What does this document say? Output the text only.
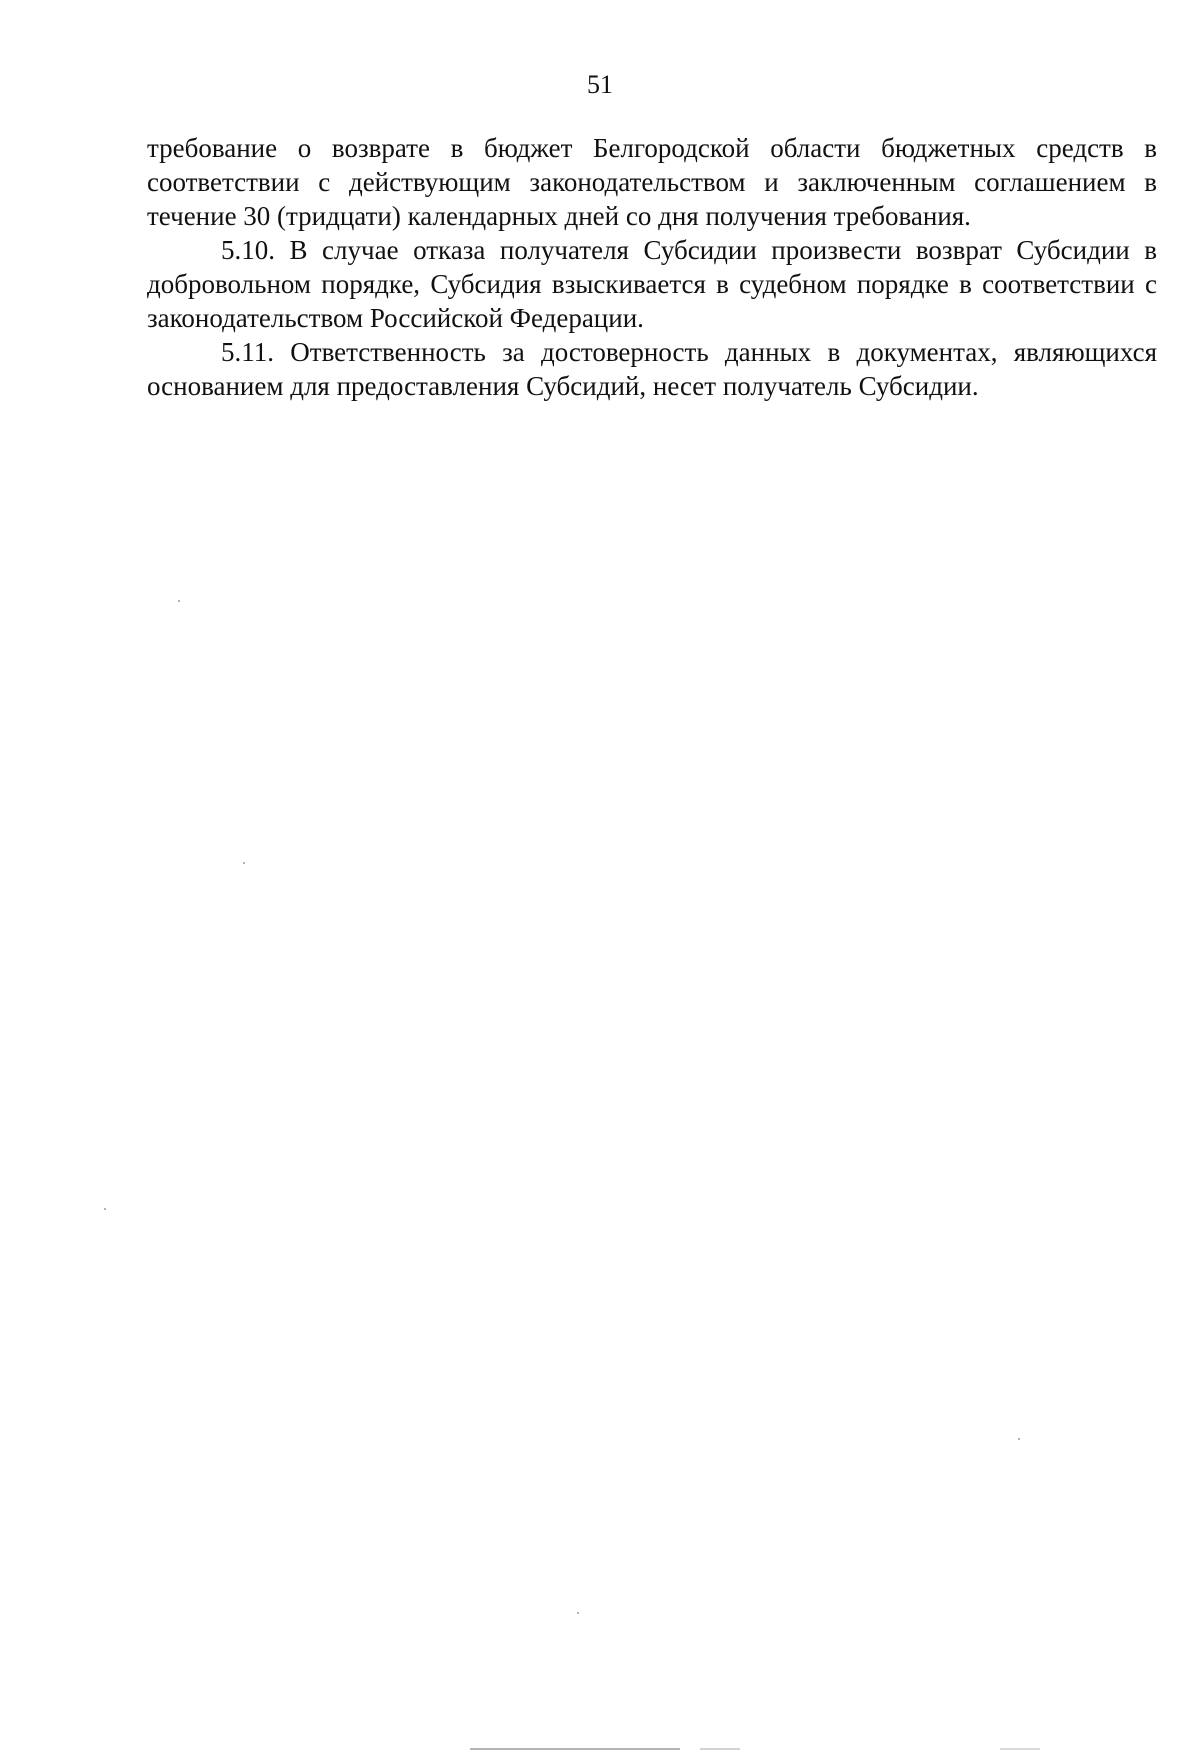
51

требование о возврате в бюджет Белгородской области бюджетных средств в соответствии с действующим законодательством и заключенным соглашением в течение 30 (тридцати) календарных дней со дня получения требования.

5.10. В случае отказа получателя Субсидии произвести возврат Субсидии в добровольном порядке, Субсидия взыскивается в судебном порядке в соответствии с законодательством Российской Федерации.

5.11. Ответственность за достоверность данных в документах, являющихся основанием для предоставления Субсидий, несет получатель Субсидии.
